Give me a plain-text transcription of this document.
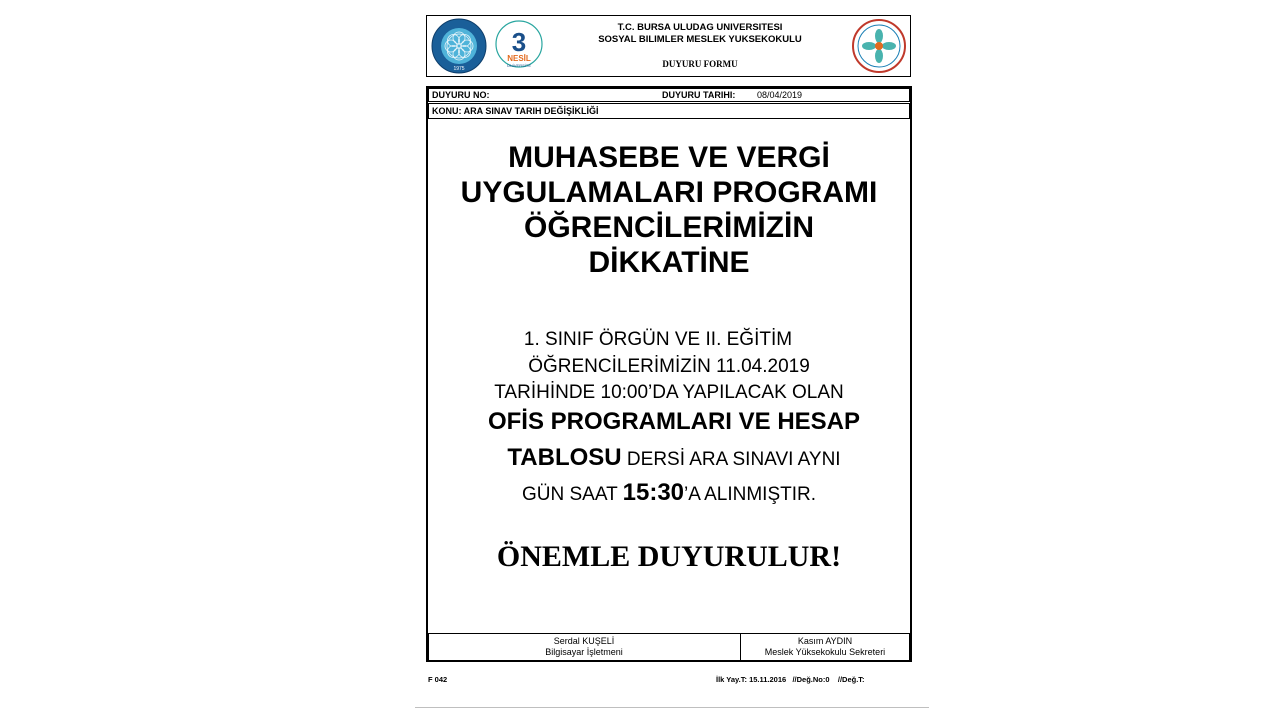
1975
3
NESİL
ÜNİVERSİTE
T.C. BURSA ULUDAG UNIVERSITESI
SOSYAL BILIMLER MESLEK YUKSEKOKULU
DUYURU FORMU
DUYURU NO:	DUYURU TARIHI: 08/04/2019
KONU: ARA SINAV TARIH DEĞİŞİKLİĞİ
MUHASEBE VE VERGİ
UYGULAMALARI PROGRAMI
ÖĞRENCİLERİMİZİN
DİKKATİNE
1. SINIF ÖRGÜN VE II. EĞİTİM
ÖĞRENCİLERİMİZİN 11.04.2019
TARİHİNDE 10:00’DA YAPILACAK OLAN
OFİS PROGRAMLARI VE HESAP
TABLOSU DERSİ ARA SINAVI AYNI
GÜN SAAT 15:30’A ALINMIŞTIR.
ÖNEMLE DUYURULUR!
Serdal KUŞELİ
Bilgisayar İşletmeni
Kasım AYDIN
Meslek Yüksekokulu Sekreteri
F 042	İlk Yay.T: 15.11.2016   //Değ.No:0    //Değ.T:
